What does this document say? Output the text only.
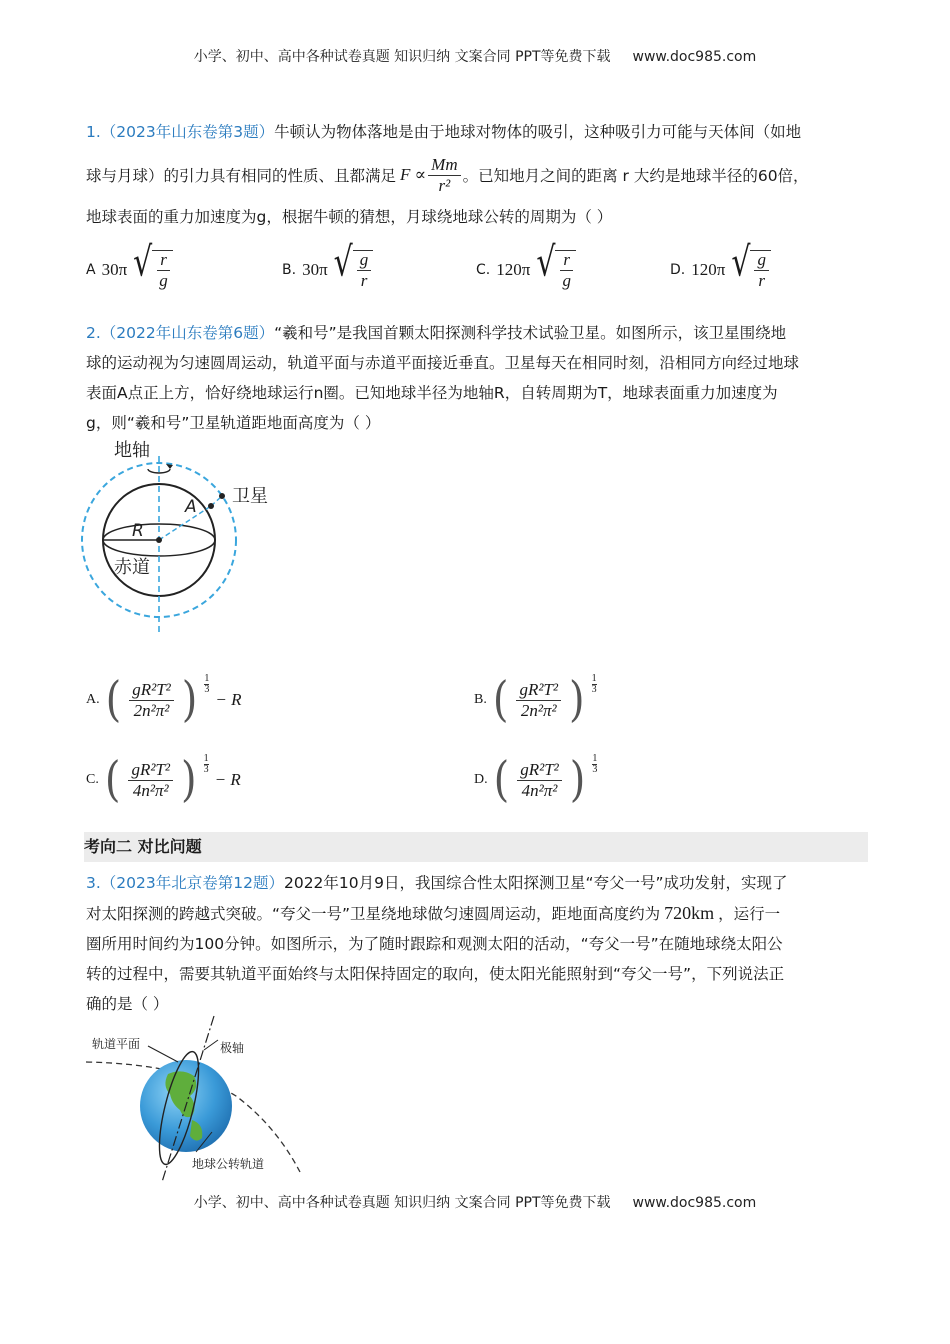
小学、初中、高中各种试卷真题 知识归纳 文案合同 PPT等免费下载 www.doc985.com

1.（2023年山东卷第3题）牛顿认为物体落地是由于地球对物体的吸引，这种吸引力可能与天体间（如地

球与月球）的引力具有相同的性质、且都满足 $F \propto \frac{Mm}{\text{r²}}$ 。已知地月之间的距离 r 大约是地球半径的60倍，

地球表面的重力加速度为g，根据牛顿的猜想，月球绕地球公转的周期为（ ）

A 30π √ $\frac{r}{g}$	B. 30π √ $\frac{g}{r}$	C. 120π √ $\frac{r}{g}$	D. 120π √ $\frac{g}{r}$

2.（2022年山东卷第6题）“羲和号”是我国首颗太阳探测科学技术试验卫星。如图所示，该卫星围绕地

球的运动视为匀速圆周运动，轨道平面与赤道平面接近垂直。卫星每天在相同时刻，沿相同方向经过地球

表面A点正上方，恰好绕地球运行n圈。已知地球半径为地轴R，自转周期为T，地球表面重力加速度为

g，则“羲和号”卫星轨道距地面高度为（ ）

地轴
卫星
A
R
赤道
A. ( $\frac{\text{gR²T²}}{\text{2n²π²}}$ ) 1
3
− R	B. ( $\frac{\text{gR²T²}}{\text{2n²π²}}$ ) 1
3
C. ( $\frac{\text{gR²T²}}{\text{4n²π²}}$ ) 1
3
− R	D. ( $\frac{\text{gR²T²}}{\text{4n²π²}}$ ) 1
3
考向二 对比问题

3.（2023年北京卷第12题）2022年10月9日，我国综合性太阳探测卫星“夸父一号”成功发射，实现了

对太阳探测的跨越式突破。“夸父一号”卫星绕地球做匀速圆周运动，距地面高度约为 720km ，运行一

圈所用时间约为100分钟。如图所示，为了随时跟踪和观测太阳的活动，“夸父一号”在随地球绕太阳公

转的过程中，需要其轨道平面始终与太阳保持固定的取向，使太阳光能照射到“夸父一号”，下列说法正

确的是（ ）

轨道平面	极轴
地球公转轨道
小学、初中、高中各种试卷真题 知识归纳 文案合同 PPT等免费下载 www.doc985.com
